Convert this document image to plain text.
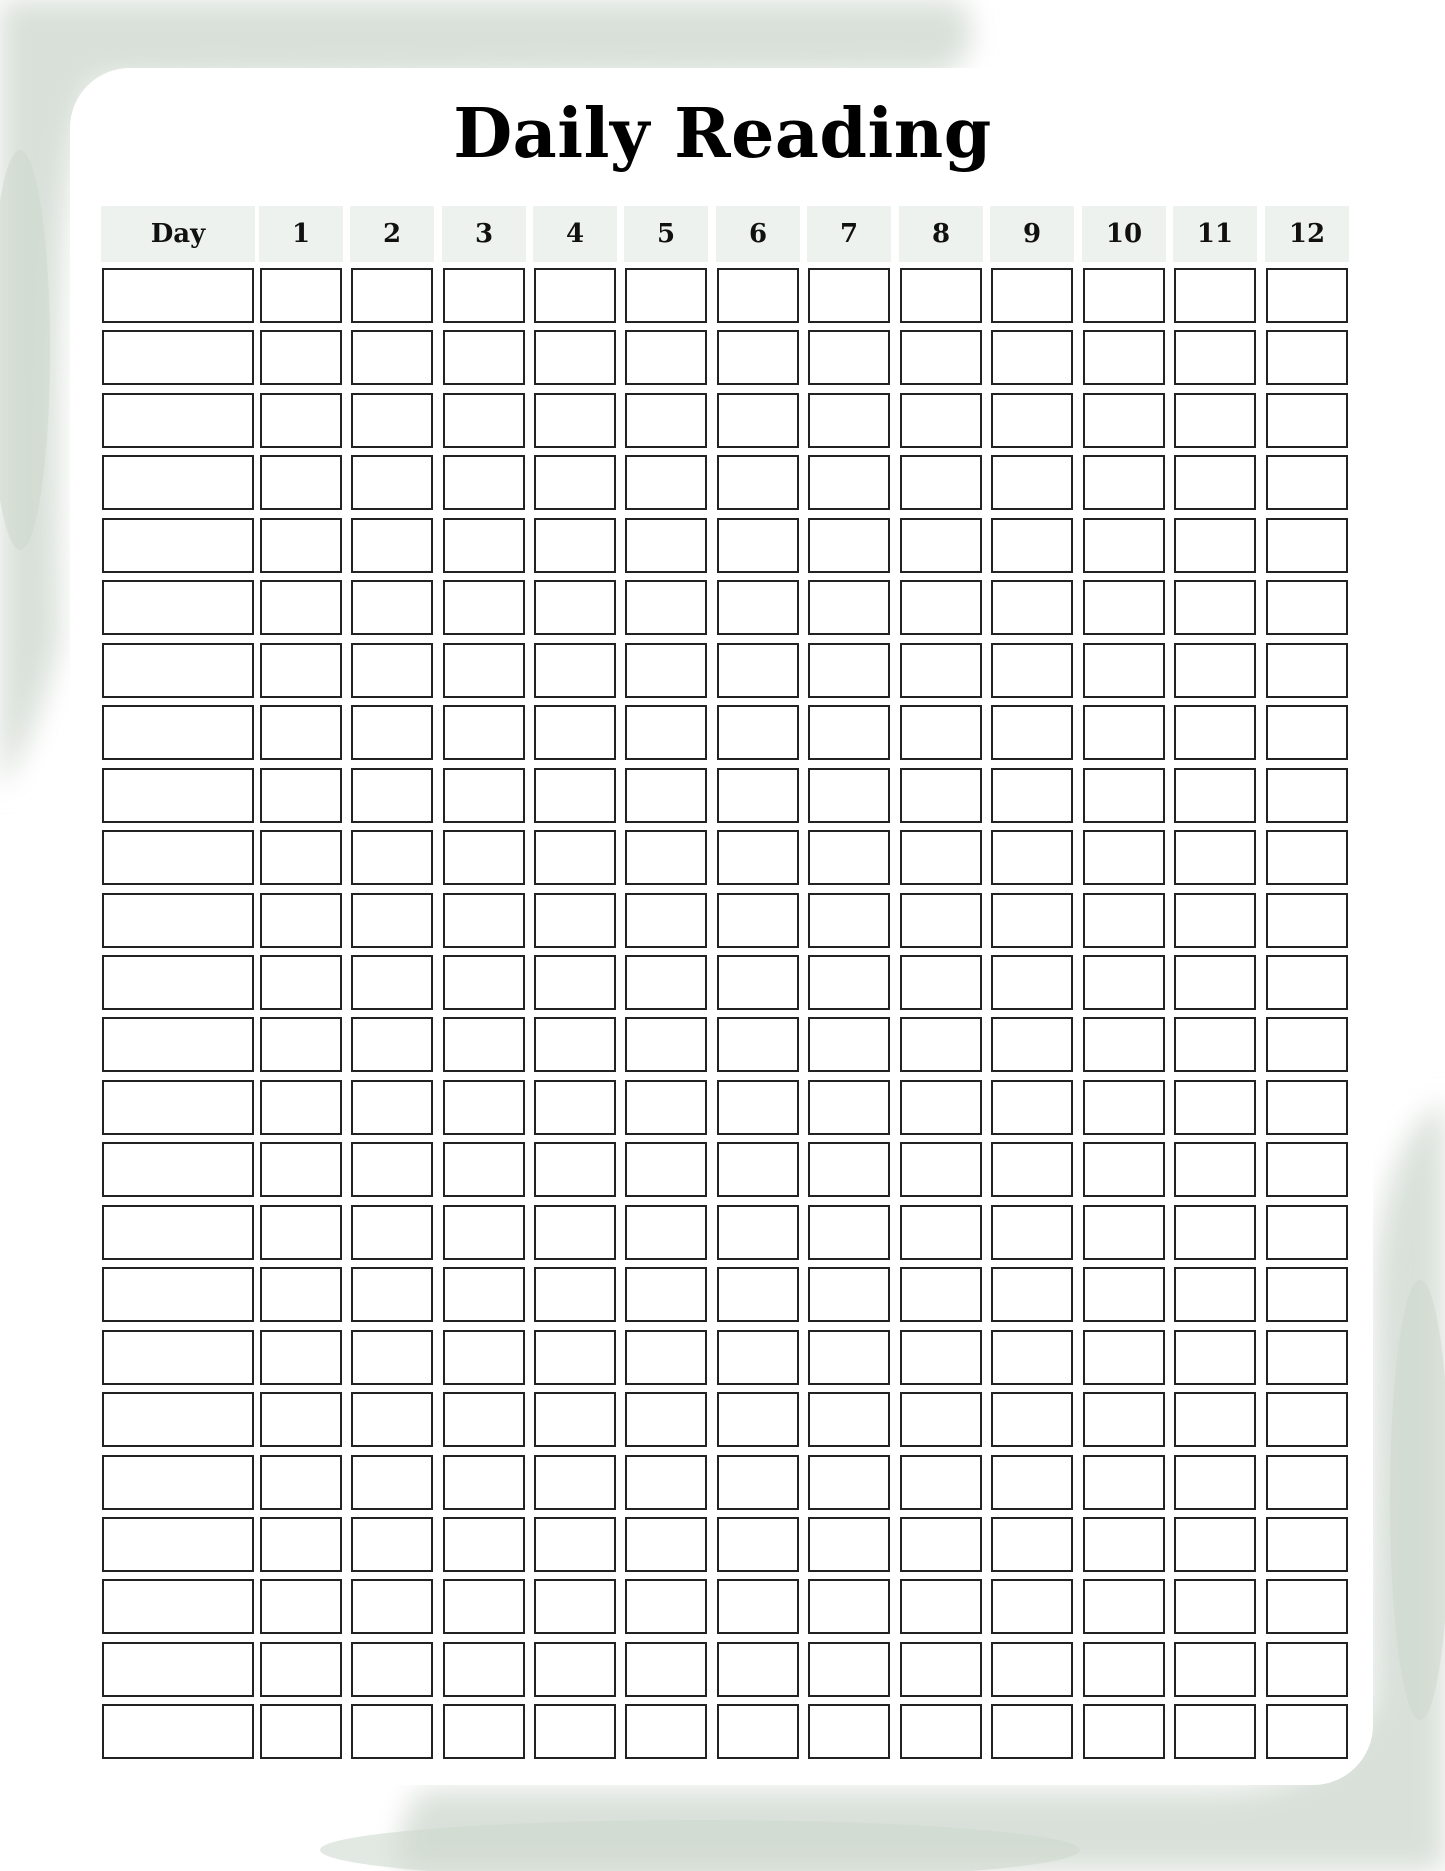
Daily Reading
Day	1	2	3	4	5	6	7	8	9	10	11	12
